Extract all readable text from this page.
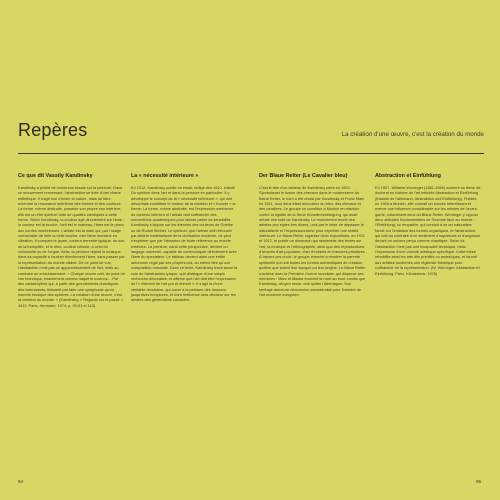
Repères	La création d'une œuvre, c'est la création du monde

Ce que dit Vassily Kandinsky

Kandinsky a publié de nombreux essais sur la peinture. Dans ce mouvement renversant, l'abstraction se dote d'une charte esthétique. Il s'agit non d'imiter la nature, mais de faire entendre la résonance intérieure des formes et des couleurs. La forme, même abstraite, possède son propre son intérieur, elle est un être spirituel doté de qualités identiques à cette forme. Selon Kandinsky, la couleur agit directement sur l'âme ; la couleur est la touche, l'œil est le marteau, l'âme est le piano aux cordes nombreuses. L'artiste est la main qui, par l'usage convenable de telle ou telle touche, met l'âme humaine en vibration. Il compare le jaune, couleur terrestre typique, au son de la trompette, et le bleu, couleur céleste, à celui du violoncelle ou de l'orgue. Ainsi, la peinture rejoint la musique dans sa capacité à toucher directement l'âme, sans passer par la représentation du monde visible. De ce point de vue, l'abstraction n'est pas un appauvrissement de l'art, mais au contraire un enrichissement. « Chaque œuvre naît, du point de vue technique, exactement comme naquit le cosmos… Par des catastrophes qui, à partir des grondements chaotiques des instruments, finissent par faire une symphonie qu'on nomme musique des sphères. La création d'une œuvre, c'est la création du monde. » (Kandinsky, « Regards sur le passé », 1913. Paris, Hermann, 1974, p. 90-91 et 113)

La « nécessité intérieure »

En 1912, Kandinsky publie un essai, rédigé dès 1910, intitulé Du spirituel dans l'art et dans la peinture en particulier. Il y développe le concept de la « nécessité intérieure », qui doit désormais constituer le moteur de la création et « trouver » la forme. La forme, même abstraite, est l'expression extérieure du contenu intérieur et l'artiste doit s'affranchir des conventions académiques pour laisser parler sa sensibilité. Kandinsky s'appuie sur les théories des couleurs de Goethe ou de Rudolf Steiner. Le spirituel, que l'artiste doit retrouver par-delà le matérialisme de la civilisation moderne, ne peut s'exprimer que par l'abandon de toute référence au monde extérieur. La peinture, dans cette perspective, devient un langage universel, capable de communiquer directement avec l'âme du spectateur. Le tableau devient alors une entité autonome régie par ses propres lois, au même titre qu'une composition musicale. Dans ce texte, Kandinsky trace aussi la voie de l'abstraction lyrique, qu'il distingue d'une simple recherche décorative, et affirme que l'art doit être l'expression de l'« élément de l'art pur et éternel ». Il s'agit là d'une véritable révolution, qui ouvre à la peinture des horizons jusqu'alors inexplorés, et dont l'influence sera décisive sur les artistes des générations suivantes.

Der Blaue Reiter (Le Cavalier bleu)

C'est le titre d'un tableau de Kandinsky peint en 1903. Symbolisant le fusion des chevaux dans le modernisme du Blaue Reiter, le nom a été choisi par Kandinsky et Franz Marc en 1911, tous deux étant amoureux du bleu, des chevaux et des cavaliers. Le groupe se constitue à Munich en réaction contre la rigidité de la Neue Künstlervereinigung, qui avait refusé une toile de Kandinsky. Le mouvement réunit des artistes aux styles très divers, unis par le désir de dépasser le naturalisme et l'impressionnisme pour exprimer une réalité intérieure. Le Blaue Reiter organise deux expositions, en 1911 et 1912, et publie un almanach qui rassemble des textes sur l'art, la musique et l'ethnographie, ainsi que des reproductions d'œuvres d'art populaire, d'art d'enfants et d'œuvres primitives. À travers ces choix, le groupe cherche à montrer la parenté spirituelle qui unit toutes les formes authentiques de création, quelles que soient leur époque ou leur origine. Le Blaue Reiter s'achève avec la Première Guerre mondiale, qui disperse ses membres : Marc et Macke trouvent la mort au front, tandis que Kandinsky, citoyen russe, doit quitter l'Allemagne. Son héritage demeure néanmoins considérable pour l'histoire de l'art moderne européen.

Abstraction et Einfühlung

En 1907, Wilhelm Worringer (1881-1965) soutient sa thèse de doctorat en histoire de l'art intitulée Abstraction et Einfühlung (traduite de l'allemand, Abstraktion und Einfühlung). Publiée en 1908 à Munich, elle connaît un succès retentissant et exerce une influence considérable sur les artistes de l'avant-garde, notamment ceux du Blaue Reiter. Worringer y oppose deux attitudes fondamentales de l'homme face au monde : l'Einfühlung, ou empathie, qui conduit à un art naturaliste fondé sur l'imitation des formes organiques, et l'abstraction, qui naît au contraire d'un sentiment d'inquiétude et d'angoisse devant un univers perçu comme chaotique. Selon lui, l'abstraction n'est pas une incapacité technique, mais l'expression d'une volonté artistique spécifique. Cette thèse réhabilite ainsi les arts dits primitifs ou archaïques, et fournit aux artistes modernes une légitimité théorique pour s'affranchir de la représentation. (W. Worringer, Abstraction et Einfühlung, Paris, Klincksieck, 1978)

94	95
